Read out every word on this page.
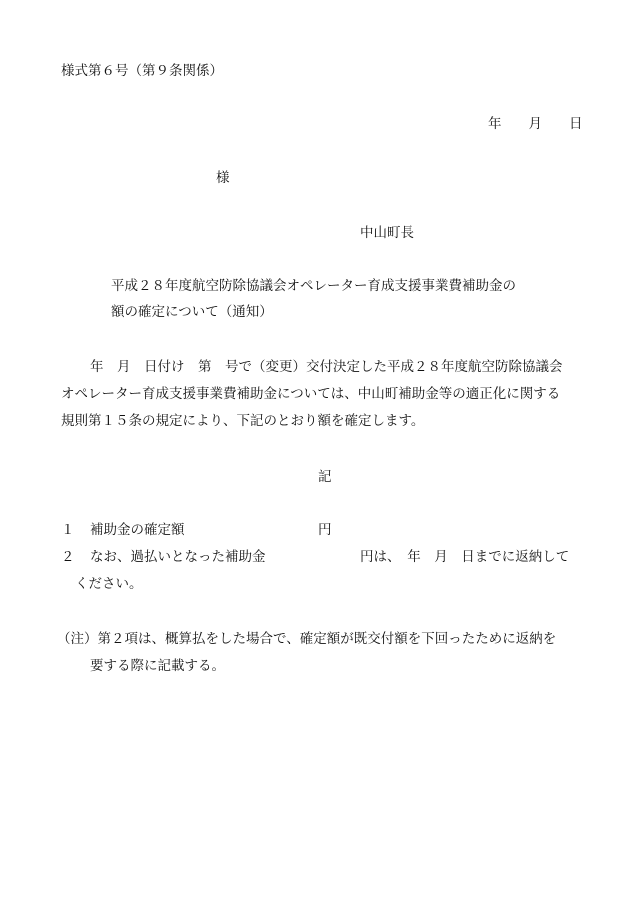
様式第６号（第９条関係）
年　　月　　日
様
中山町長
平成２８年度航空防除協議会オペレーター育成支援事業費補助金の
額の確定について（通知）
年　月　日付け　第　号で（変更）交付決定した平成２８年度航空防除協議会
オペレーター育成支援事業費補助金については、中山町補助金等の適正化に関する
規則第１５条の規定により、下記のとおり額を確定します。
記
１ 補助金の確定額	円
２ なお、過払いとなった補助金	円は、　年　月　日までに返納して
ください。
（注）第２項は、概算払をした場合で、確定額が既交付額を下回ったために返納を
要する際に記載する。
